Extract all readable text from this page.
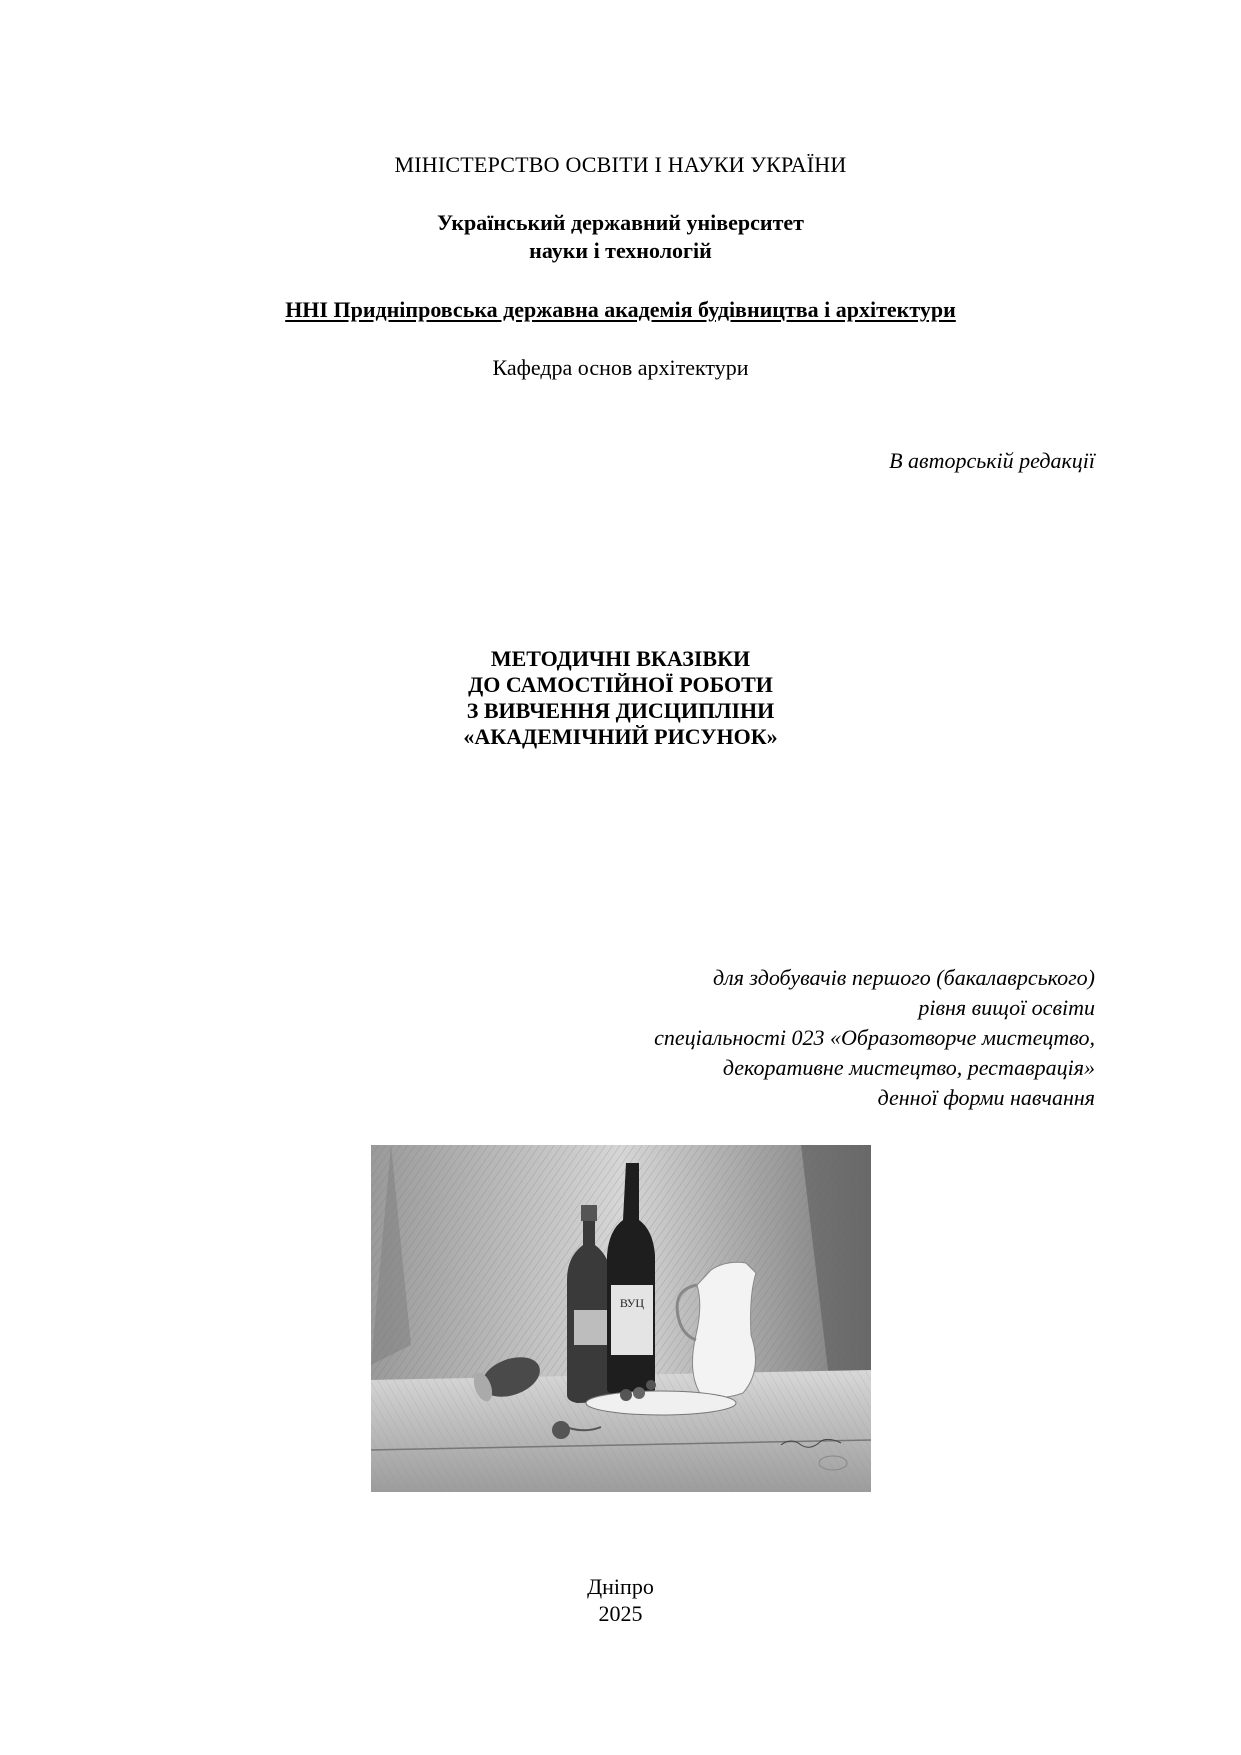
МІНІСТЕРСТВО ОСВІТИ І НАУКИ УКРАЇНИ
Український державний університет
науки і технологій
ННІ Придніпровська державна академія будівництва і архітектури
Кафедра основ архітектури
В авторській редакції
МЕТОДИЧНІ ВКАЗІВКИ
ДО САМОСТІЙНОЇ РОБОТИ
З ВИВЧЕННЯ ДИСЦИПЛІНИ
«АКАДЕМІЧНИЙ РИСУНОК»
для здобувачів першого (бакалаврського)
рівня вищої освіти
спеціальності 023 «Образотворче мистецтво,
декоративне мистецтво, реставрація»
денної форми навчання
ВУЦ
Дніпро
2025
